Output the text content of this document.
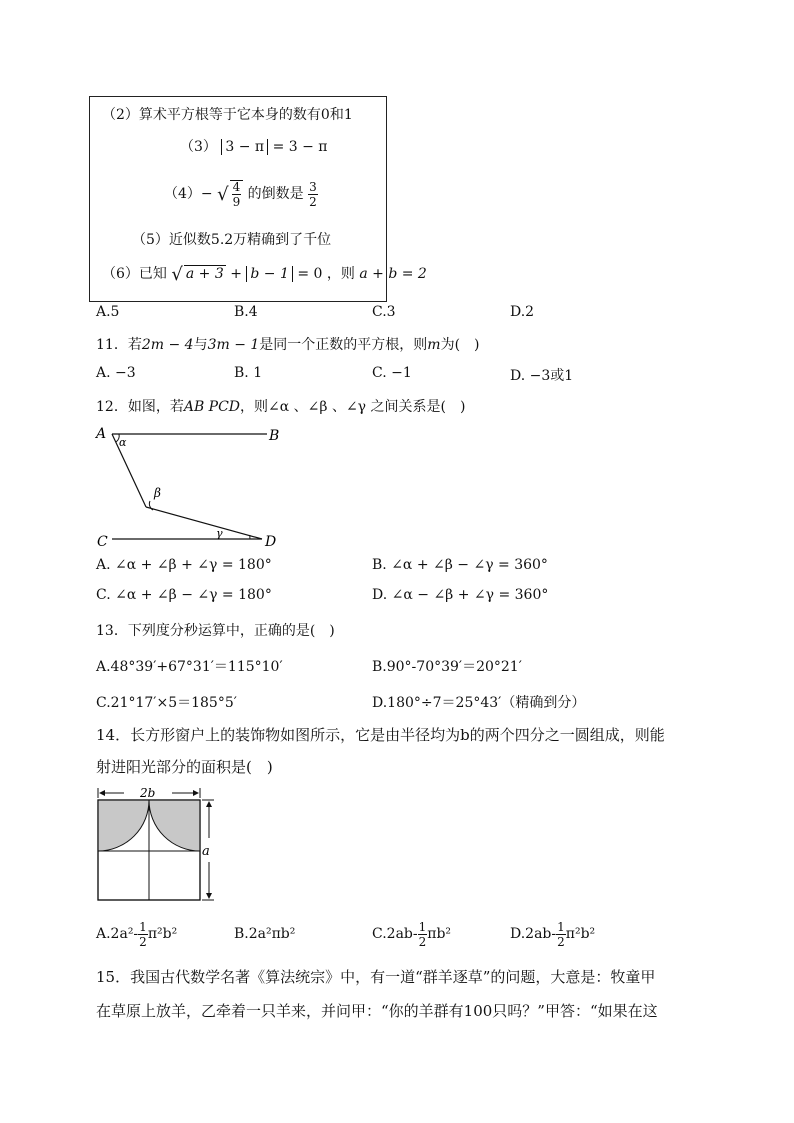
（2）算术平方根等于它本身的数有0和1
（3） 3 − π = 3 − π
（4）− √ $\frac{4}{9}$ 的倒数是 $\frac{3}{2}$
（5）近似数5.2万精确到了千位
（6）已知 √ a + 3 + b − 1 = 0 ，则 a + b = 2
A.5	B.4	C.3	D.2
11．若2m − 4与3m − 1是同一个正数的平方根，则m为(　)
A. −3	B. 1	C. −1	D. −3或1
12．如图，若AB PCD，则∠α 、∠β 、∠γ 之间关系是(　)
A	B
C	D
α
β
γ
A. ∠α + ∠β + ∠γ = 180°	B. ∠α + ∠β − ∠γ = 360°
C. ∠α + ∠β − ∠γ = 180°	D. ∠α − ∠β + ∠γ = 360°
13．下列度分秒运算中，正确的是(　)
A.48°39′+67°31′＝115°10′	B.90°-70°39′＝20°21′
C.21°17′×5＝185°5′	D.180°÷7＝25°43′（精确到分）
14．长方形窗户上的装饰物如图所示，它是由半径均为b的两个四分之一圆组成，则能
射进阳光部分的面积是(　)
2b
a
$A.2a^2- \frac{1}{2} \pi^2b^2$	B.2a²πb²	$C.2ab- \frac{1}{2} \pi b^2$	$D.2ab- \frac{1}{2} \pi^2b^2$
15．我国古代数学名著《算法统宗》中，有一道“群羊逐草”的问题，大意是：牧童甲
在草原上放羊，乙牵着一只羊来，并问甲：“你的羊群有100只吗？”甲答：“如果在这
